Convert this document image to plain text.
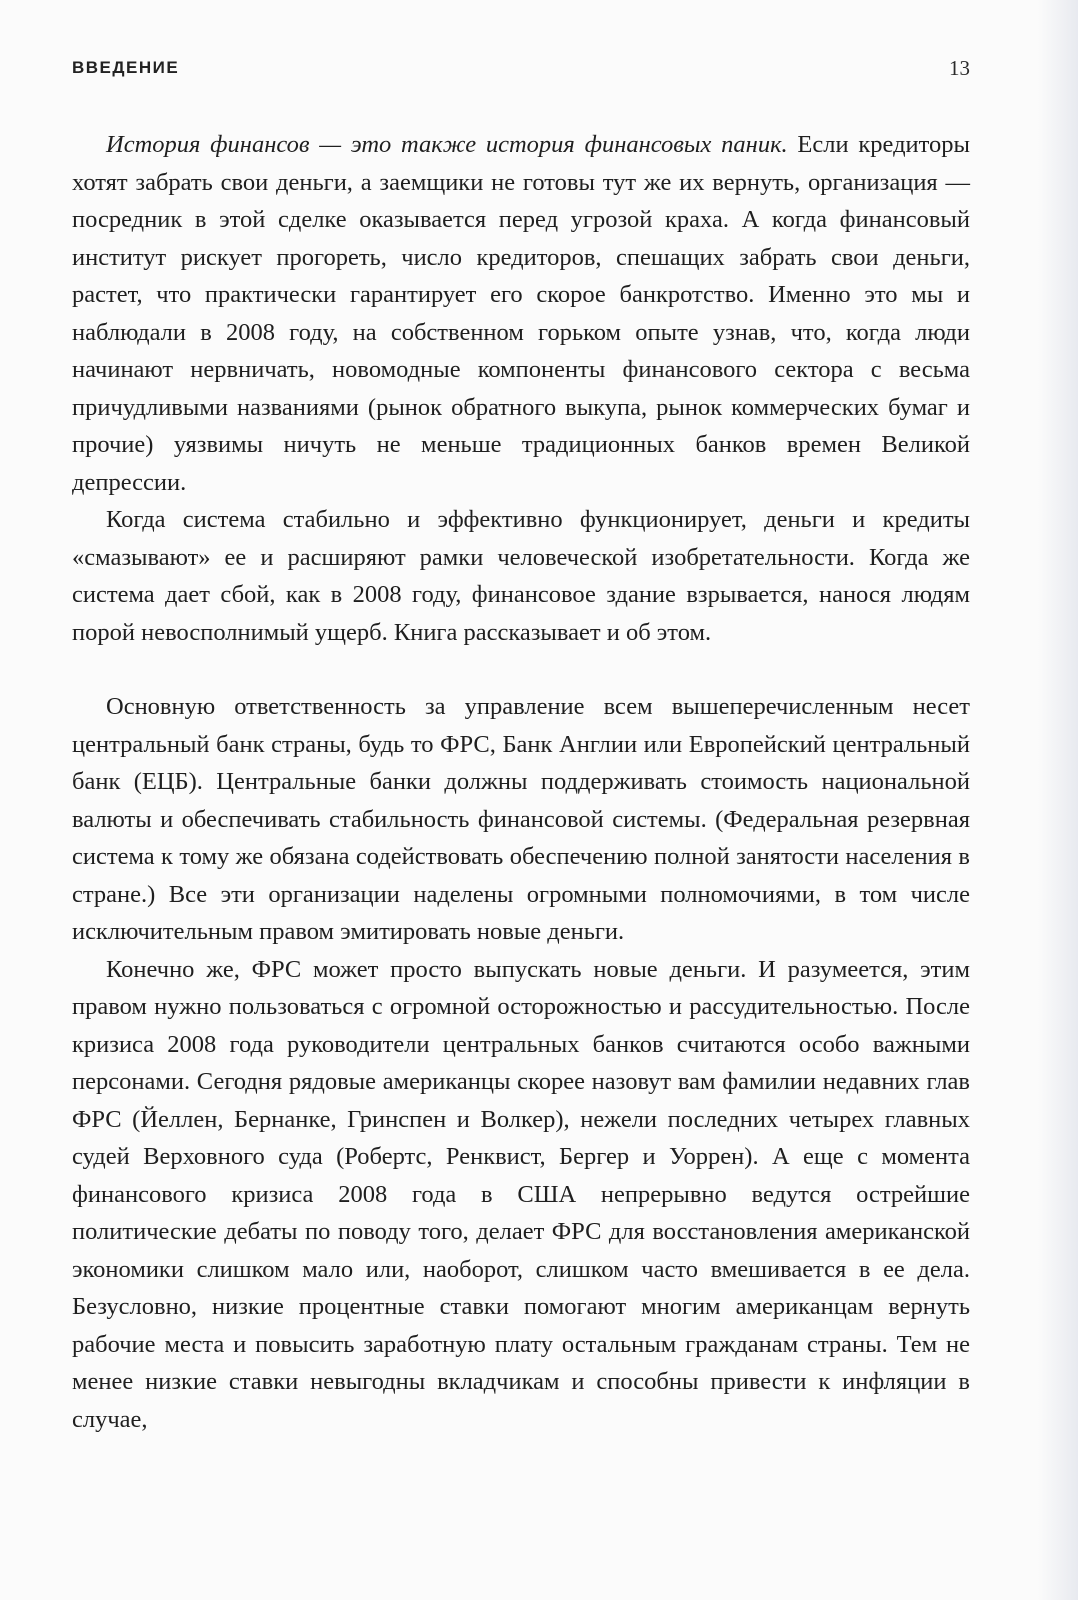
ВВЕДЕНИЕ	13

История финансов — это также история финансовых паник. Если кредиторы хотят забрать свои деньги, а заемщики не готовы тут же их вернуть, организация — посредник в этой сделке оказывается перед угрозой краха. А когда финансовый институт рискует прогореть, число кредиторов, спешащих забрать свои деньги, растет, что практически гарантирует его скорое банкротство. Именно это мы и наблюдали в 2008 году, на собственном горьком опыте узнав, что, когда люди начинают нервничать, новомодные компоненты финансового сектора с весьма причудливыми названиями (рынок обратного выкупа, рынок коммерческих бумаг и прочие) уязвимы ничуть не меньше традиционных банков времен Великой депрессии.

Когда система стабильно и эффективно функционирует, деньги и кредиты «смазывают» ее и расширяют рамки человеческой изобретательности. Когда же система дает сбой, как в 2008 году, финансовое здание взрывается, нанося людям порой невосполнимый ущерб. Книга рассказывает и об этом.

Основную ответственность за управление всем вышеперечисленным несет центральный банк страны, будь то ФРС, Банк Англии или Европейский центральный банк (ЕЦБ). Центральные банки должны поддерживать стоимость национальной валюты и обеспечивать стабильность финансовой системы. (Федеральная резервная система к тому же обязана содействовать обеспечению полной занятости населения в стране.) Все эти организации наделены огромными полномочиями, в том числе исключительным правом эмитировать новые деньги.

Конечно же, ФРС может просто выпускать новые деньги. И разумеется, этим правом нужно пользоваться с огромной осторожностью и рассудительностью. После кризиса 2008 года руководители центральных банков считаются особо важными персонами. Сегодня рядовые американцы скорее назовут вам фамилии недавних глав ФРС (Йеллен, Бернанке, Гринспен и Волкер), нежели последних четырех главных судей Верховного суда (Робертс, Ренквист, Бергер и Уоррен). А еще с момента финансового кризиса 2008 года в США непрерывно ведутся острейшие политические дебаты по поводу того, делает ФРС для восстановления американской экономики слишком мало или, наоборот, слишком часто вмешивается в ее дела. Безусловно, низкие процентные ставки помогают многим американцам вернуть рабочие места и повысить заработную плату остальным гражданам страны. Тем не менее низкие ставки невыгодны вкладчикам и способны привести к инфляции в случае,
